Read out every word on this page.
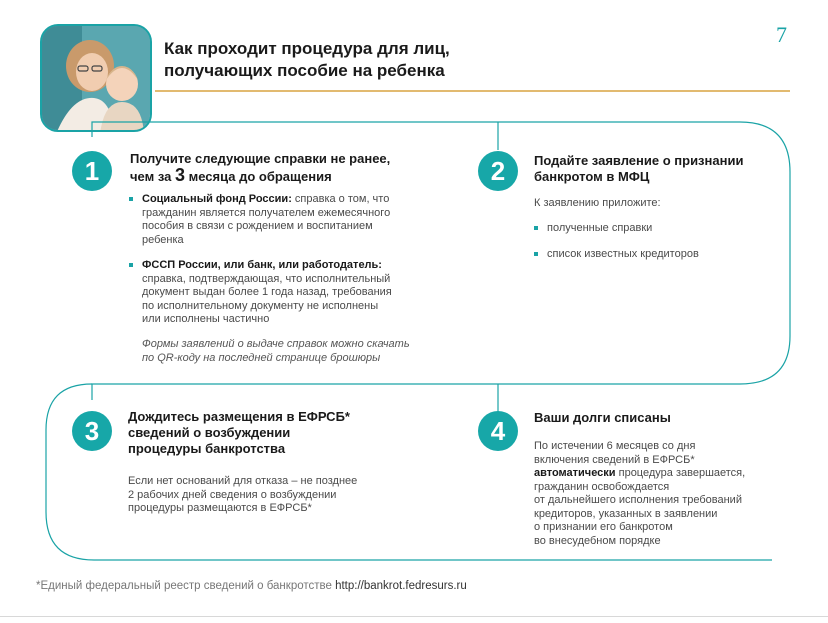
7
Как проходит процедура для лиц,
получающих пособие на ребенка
1	Получите следующие справки не ранее,
чем за 3 месяца до обращения
Социальный фонд России: справка о том, что
гражданин является получателем ежемесячного
пособия в связи с рождением и воспитанием
ребенка
ФССП России, или банк, или работодатель:
справка, подтверждающая, что исполнительный
документ выдан более 1 года назад, требования
по исполнительному документу не исполнены
или исполнены частично
Формы заявлений о выдаче справок можно скачать
по QR-коду на последней странице брошюры
2	Подайте заявление о признании
банкротом в МФЦ
К заявлению приложите:
полученные справки
список известных кредиторов
3	Дождитесь размещения в ЕФРСБ*
сведений о возбуждении
процедуры банкротства
Если нет оснований для отказа – не позднее
2 рабочих дней сведения о возбуждении
процедуры размещаются в ЕФРСБ*
4	Ваши долги списаны
По истечении 6 месяцев со дня
включения сведений в ЕФРСБ*
автоматически процедура завершается,
гражданин освобождается
от дальнейшего исполнения требований
кредиторов, указанных в заявлении
о признании его банкротом
во внесудебном порядке
*Единый федеральный реестр сведений о банкротстве http://bankrot.fedresurs.ru
